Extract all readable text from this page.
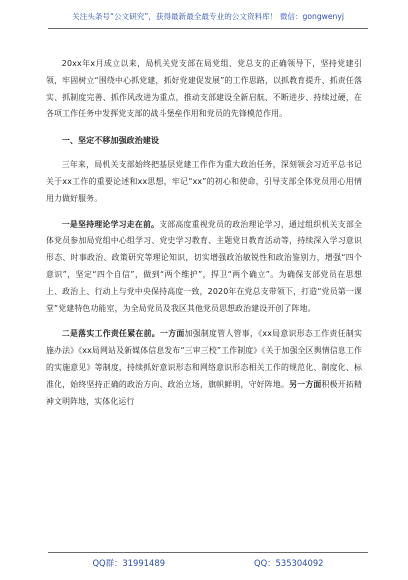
关注头条号“公文研究”，获得最新最全最专业的公文资料库！ 微信：gongwenyj

20xx年x月成立以来，局机关党支部在局党组、党总支的正确领导下，坚持党建引领，牢固树立“围绕中心抓党建，抓好党建促发展”的工作思路，以抓教育提升、抓责任落实、抓制度完善、抓作风改进为重点，推动支部建设全新启航、不断进步、持续过硬，在各项工作任务中发挥党支部的战斗堡垒作用和党员的先锋模范作用。

一、坚定不移加强政治建设

三年来，局机关支部始终把基层党建工作作为重大政治任务，深刻领会习近平总书记关于xx工作的重要论述和xx思想，牢记“xx”的初心和使命，引导支部全体党员用心用情用力做好服务。

一是坚持理论学习走在前。支部高度重视党员的政治理论学习，通过组织机关支部全体党员参加局党组中心组学习、党史学习教育、主题党日教育活动等，持续深入学习意识形态、时事政治、政策研究等理论知识，切实增强政治敏锐性和政治鉴别力，增强“四个意识”，坚定“四个自信”，做到“两个维护”，捍卫“两个确立”。为确保支部党员在思想上、政治上、行动上与党中央保持高度一致，2020年在党总支带领下，打造“党员第一课堂”党建特色功能室，为全局党员及我区其他党员思想政治建设开创了阵地。

二是落实工作责任紧在前。一方面加强制度管人管事，《xx局意识形态工作责任制实施办法》《xx局网站及新媒体信息发布“三审三校”工作制度》《关于加强全区舆情信息工作的实施意见》等制度，持续抓好意识形态和网络意识形态相关工作的规范化、制度化、标准化，始终坚持正确的政治方向、政治立场，旗帜鲜明，守好阵地。另一方面积极开拓精神文明阵地，实体化运行

QQ群：31991489	QQ：535304092
